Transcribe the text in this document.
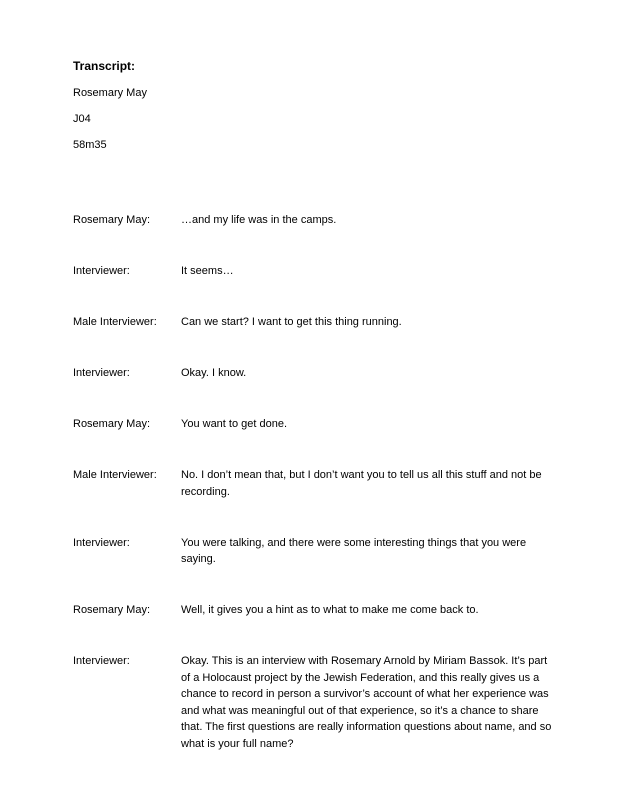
Transcript:
Rosemary May
J04
58m35
Rosemary May:	…and my life was in the camps.
Interviewer:	It seems…
Male Interviewer:	Can we start? I want to get this thing running.
Interviewer:	Okay. I know.
Rosemary May:	You want to get done.
Male Interviewer:	No. I don’t mean that, but I don’t want you to tell us all this stuff and not be recording.
Interviewer:	You were talking, and there were some interesting things that you were saying.
Rosemary May:	Well, it gives you a hint as to what to make me come back to.
Interviewer:	Okay. This is an interview with Rosemary Arnold by Miriam Bassok. It’s part of a Holocaust project by the Jewish Federation, and this really gives us a chance to record in person a survivor’s account of what her experience was and what was meaningful out of that experience, so it’s a chance to share that. The first questions are really information questions about name, and so what is your full name?
